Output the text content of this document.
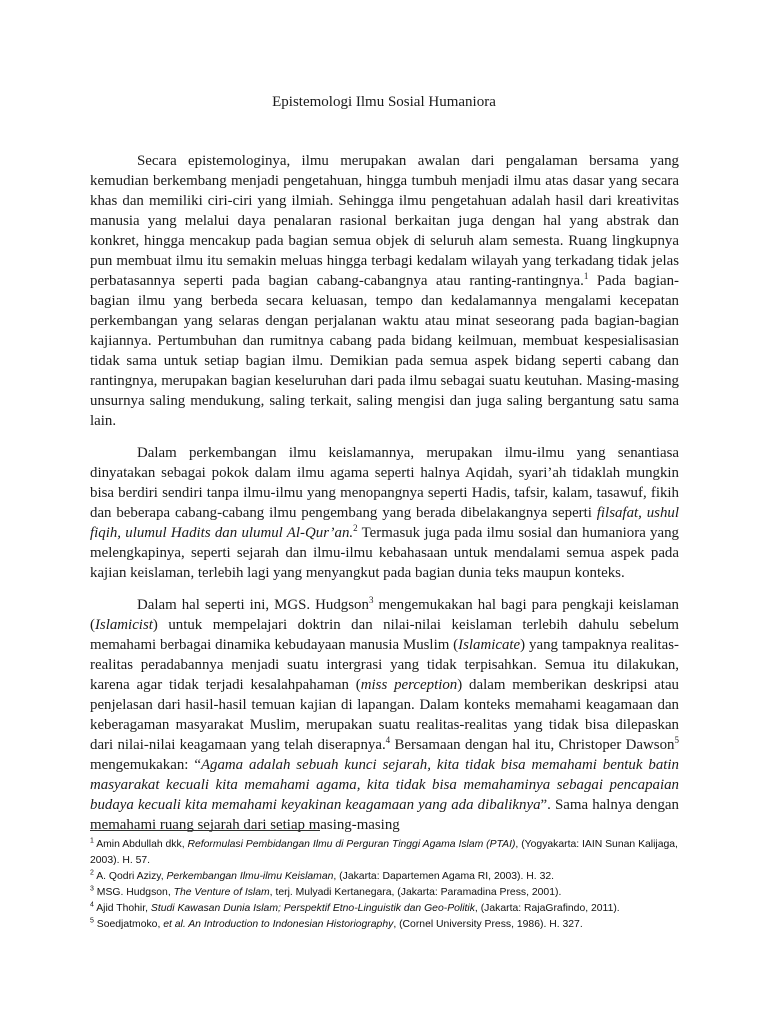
Epistemologi Ilmu Sosial Humaniora

Secara epistemologinya, ilmu merupakan awalan dari pengalaman bersama yang kemudian berkembang menjadi pengetahuan, hingga tumbuh menjadi ilmu atas dasar yang secara khas dan memiliki ciri-ciri yang ilmiah. Sehingga ilmu pengetahuan adalah hasil dari kreativitas manusia yang melalui daya penalaran rasional berkaitan juga dengan hal yang abstrak dan konkret, hingga mencakup pada bagian semua objek di seluruh alam semesta. Ruang lingkupnya pun membuat ilmu itu semakin meluas hingga terbagi kedalam wilayah yang terkadang tidak jelas perbatasannya seperti pada bagian cabang-cabangnya atau ranting-rantingnya.$^1$ Pada bagian-bagian ilmu yang berbeda secara keluasan, tempo dan kedalamannya mengalami kecepatan perkembangan yang selaras dengan perjalanan waktu atau minat seseorang pada bagian-bagian kajiannya. Pertumbuhan dan rumitnya cabang pada bidang keilmuan, membuat kespesialisasian tidak sama untuk setiap bagian ilmu. Demikian pada semua aspek bidang seperti cabang dan rantingnya, merupakan bagian keseluruhan dari pada ilmu sebagai suatu keutuhan. Masing-masing unsurnya saling mendukung, saling terkait, saling mengisi dan juga saling bergantung satu sama lain.

Dalam perkembangan ilmu keislamannya, merupakan ilmu-ilmu yang senantiasa dinyatakan sebagai pokok dalam ilmu agama seperti halnya Aqidah, syari’ah tidaklah mungkin bisa berdiri sendiri tanpa ilmu-ilmu yang menopangnya seperti Hadis, tafsir, kalam, tasawuf, fikih dan beberapa cabang-cabang ilmu pengembang yang berada dibelakangnya seperti filsafat, ushul fiqih, ulumul Hadits dan ulumul Al-Qur’an.$^2$ Termasuk juga pada ilmu sosial dan humaniora yang melengkapinya, seperti sejarah dan ilmu-ilmu kebahasaan untuk mendalami semua aspek pada kajian keislaman, terlebih lagi yang menyangkut pada bagian dunia teks maupun konteks.

Dalam hal seperti ini, MGS. Hudgson$^3$ mengemukakan hal bagi para pengkaji keislaman (Islamicist) untuk mempelajari doktrin dan nilai-nilai keislaman terlebih dahulu sebelum memahami berbagai dinamika kebudayaan manusia Muslim (Islamicate) yang tampaknya realitas-realitas peradabannya menjadi suatu intergrasi yang tidak terpisahkan. Semua itu dilakukan, karena agar tidak terjadi kesalahpahaman (miss perception) dalam memberikan deskripsi atau penjelasan dari hasil-hasil temuan kajian di lapangan. Dalam konteks memahami keagamaan dan keberagaman masyarakat Muslim, merupakan suatu realitas-realitas yang tidak bisa dilepaskan dari nilai-nilai keagamaan yang telah diserapnya.$^4$ Bersamaan dengan hal itu, Christoper Dawson$^5$ mengemukakan: “Agama adalah sebuah kunci sejarah, kita tidak bisa memahami bentuk batin masyarakat kecuali kita memahami agama, kita tidak bisa memahaminya sebagai pencapaian budaya kecuali kita memahami keyakinan keagamaan yang ada dibaliknya”. Sama halnya dengan memahami ruang sejarah dari setiap masing-masing

$^1$ Amin Abdullah dkk, Reformulasi Pembidangan Ilmu di Perguran Tinggi Agama Islam (PTAI), (Yogyakarta: IAIN Sunan Kalijaga, 2003). H. 57.

$^2$ A. Qodri Azizy, Perkembangan Ilmu-ilmu Keislaman, (Jakarta: Dapartemen Agama RI, 2003). H. 32.

$^3$ MSG. Hudgson, The Venture of Islam, terj. Mulyadi Kertanegara, (Jakarta: Paramadina Press, 2001).

$^4$ Ajid Thohir, Studi Kawasan Dunia Islam; Perspektif Etno-Linguistik dan Geo-Politik, (Jakarta: RajaGrafindo, 2011).

$^5$ Soedjatmoko, et al. An Introduction to Indonesian Historiography, (Cornel University Press, 1986). H. 327.
